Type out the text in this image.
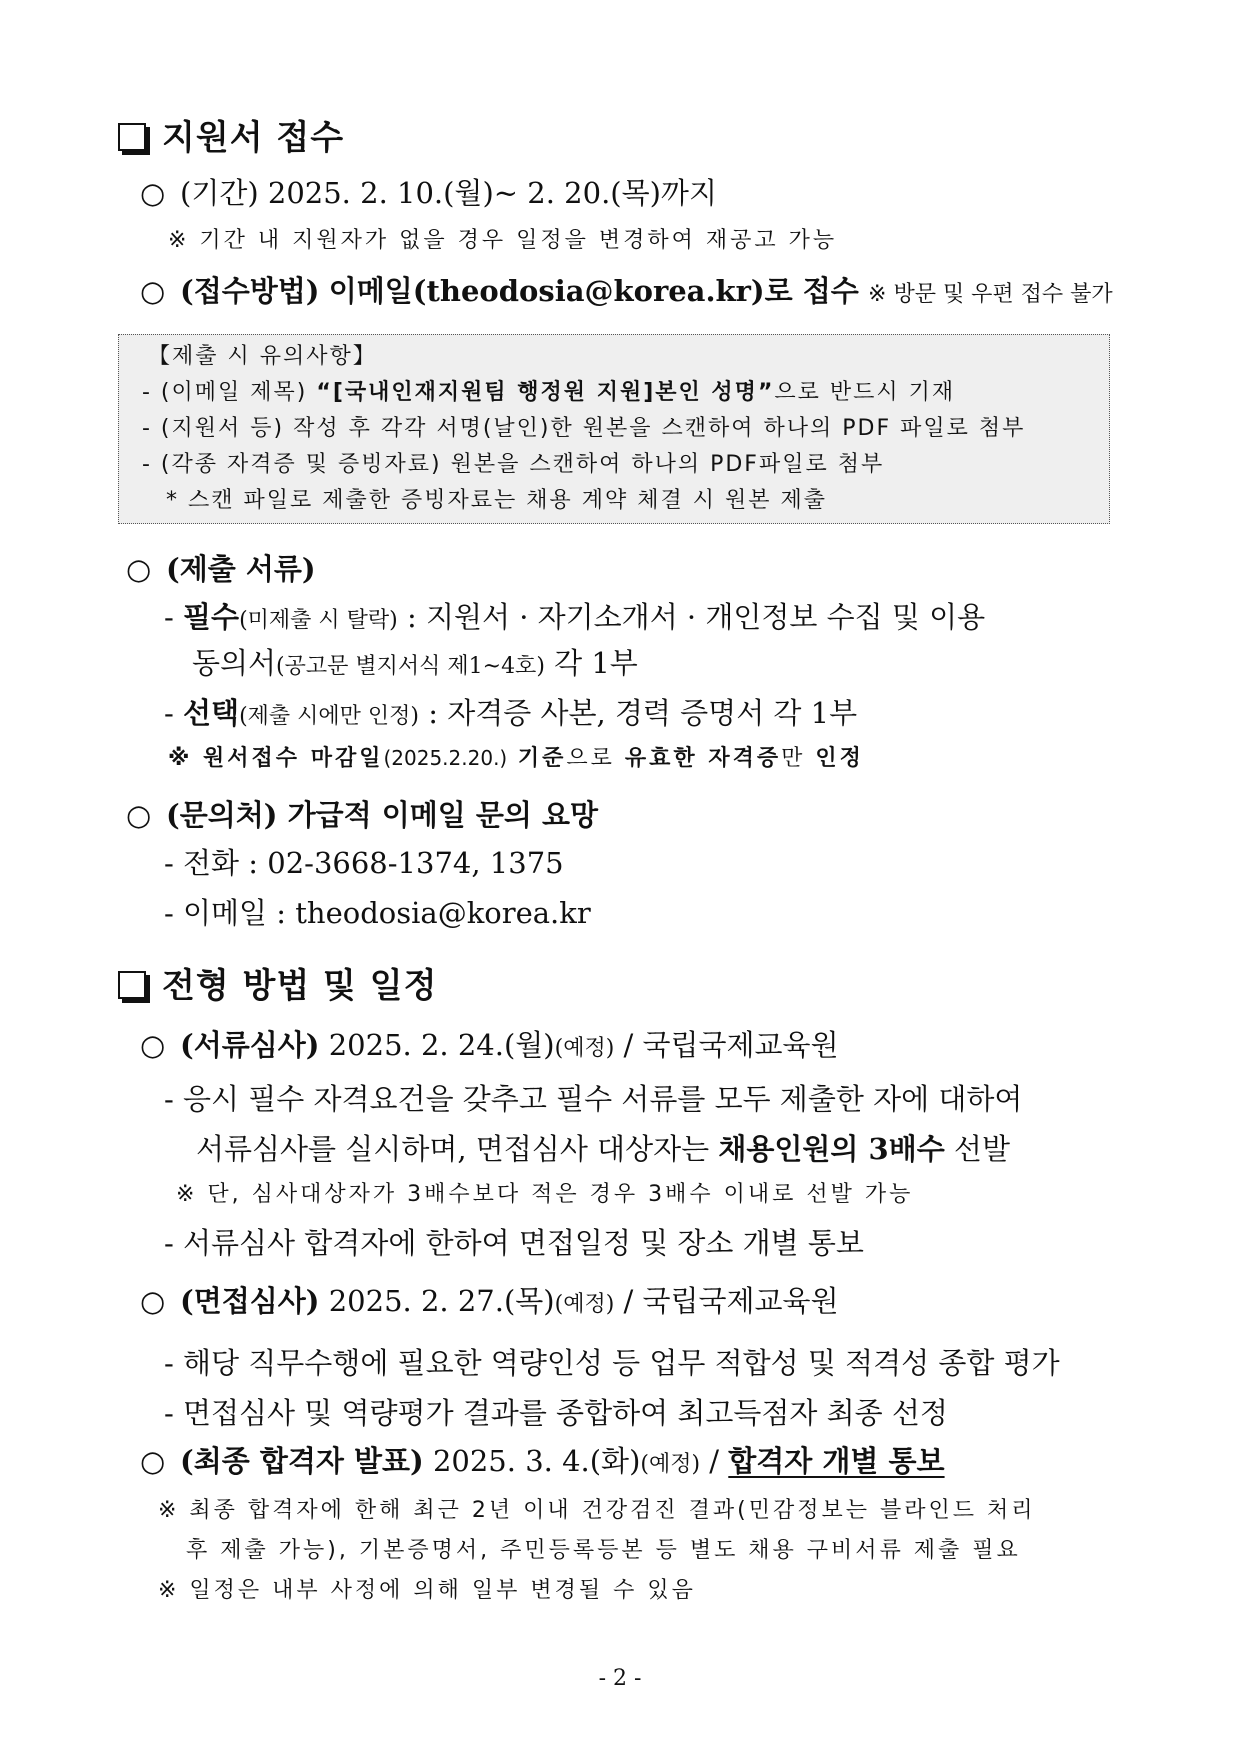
지원서 접수
○ (기간) 2025. 2. 10.(월)~ 2. 20.(목)까지
※ 기간 내 지원자가 없을 경우 일정을 변경하여 재공고 가능
○ (접수방법) 이메일(theodosia@korea.kr)로 접수 ※ 방문 및 우편 접수 불가
【제출 시 유의사항】
- (이메일 제목) “[국내인재지원팀 행정원 지원]본인 성명”으로 반드시 기재
- (지원서 등) 작성 후 각각 서명(날인)한 원본을 스캔하여 하나의 PDF 파일로 첨부
- (각종 자격증 및 증빙자료) 원본을 스캔하여 하나의 PDF파일로 첨부
* 스캔 파일로 제출한 증빙자료는 채용 계약 체결 시 원본 제출
○ (제출 서류)
- 필수(미제출 시 탈락) : 지원서 · 자기소개서 · 개인정보 수집 및 이용
동의서(공고문 별지서식 제1~4호) 각 1부
- 선택(제출 시에만 인정) : 자격증 사본, 경력 증명서 각 1부
※ 원서접수 마감일(2025.2.20.) 기준으로 유효한 자격증만 인정
○ (문의처) 가급적 이메일 문의 요망
- 전화 : 02-3668-1374, 1375
- 이메일 : theodosia@korea.kr
전형 방법 및 일정
○ (서류심사) 2025. 2. 24.(월)(예정) / 국립국제교육원
- 응시 필수 자격요건을 갖추고 필수 서류를 모두 제출한 자에 대하여
서류심사를 실시하며, 면접심사 대상자는 채용인원의 3배수 선발
※ 단, 심사대상자가 3배수보다 적은 경우 3배수 이내로 선발 가능
- 서류심사 합격자에 한하여 면접일정 및 장소 개별 통보
○ (면접심사) 2025. 2. 27.(목)(예정) / 국립국제교육원
- 해당 직무수행에 필요한 역량인성 등 업무 적합성 및 적격성 종합 평가
- 면접심사 및 역량평가 결과를 종합하여 최고득점자 최종 선정
○ (최종 합격자 발표) 2025. 3. 4.(화)(예정) / 합격자 개별 통보
※ 최종 합격자에 한해 최근 2년 이내 건강검진 결과(민감정보는 블라인드 처리
후 제출 가능), 기본증명서, 주민등록등본 등 별도 채용 구비서류 제출 필요
※ 일정은 내부 사정에 의해 일부 변경될 수 있음
- 2 -
